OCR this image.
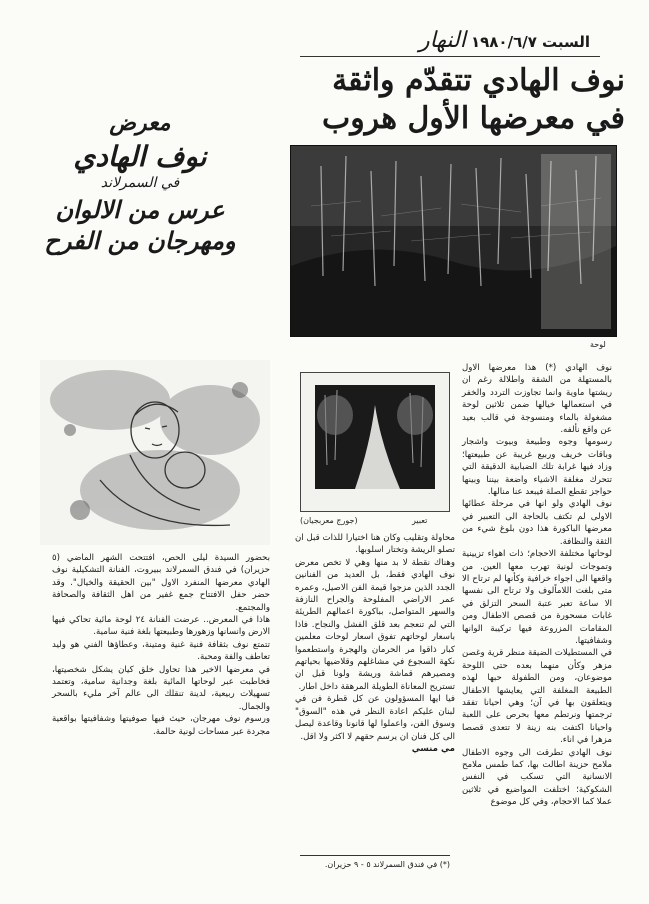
السبت ١٩٨٠/٦/٧ النهار
نوف الهادي تتقدّم واثقة
في معرضها الأول هروب
معرض
نوف الهادي
في السمرلاند
عرس من الالوان
ومهرجان من الفرح
لوحة
تعبير
(جورج معربجيان)

نوف الهادي (*) هذا معرضها الاول بالمستهلة من الشقة واطلالة رغم ان ريشتها ماوية وانما تجاوزت التردد والخفر في استعمالها خيالها ضمن ثلاثين لوحة مشغولة بالماء ومنسوجة في قالب بعيد عن واقع نألفه.

رسومها وجوه وطبيعة وبيوت واشجار وباقات خريف وربيع غريبة عن طبيعتها؛ وزاد فيها غرابة تلك الضبابية الدقيقة التي تتحرك مغلفة الاشياء واضعة بيننا وبينها حواجز تقطع الصلة فيبعد عنا منالها.

نوف الهادي ولو انها في مرحلة عطائها الاولى لم تكتف بالحاجة الى التعبير في معرضها الباكورة هذا دون بلوغ شيء من الثقة والنظافة.

لوحاتها مختلفة الاحجام؛ ذات اهواء تزيينية وتموجات لونية تهرب معها العين. من واقعها الى اجواء خرافية وكأنها لم ترتاح الا متى بلغت اللاماًلوف ولا ترتاح الى نفسها الا ساعة تعبر عتبة السحر التزلق في غابات مسحورة من قصص الاطفال ومن المقامات المزروعة فيها تركيبة الوانها وشفافيتها.

في المستطيلات الضيقة منظر قرية وغصن مزهر وكأن منهما بعده حتى اللوحة موضوعان، ومن الطفولة حبها لهذه الطبيعة المغلفة التي يعايشها الاطفال ويتعلقون بها في آن؛ وهي احيانا تفقد ترجمتها ونرتطم معها بحرص على اللعبة واحيانا اكتفت بنه زينة لا تتعدى قصصا مزهرا في اناء.

نوف الهادي تطرقت الى وجوه الاطفال ملامح حزينة اطالت بها، كما طمس ملامح الانسانية التي تسكب في النفس الشكوكية؛ اختلفت المواضيع في ثلاثين عملا كما الاحجام، وفي كل موضوع

محاولة وتقليب وكان هنا اختيارا للذات قبل ان تصلو الريشة وتختار اسلوبها.

وهناك نقطة لا بد منها وهي لا تخص معرض نوف الهادي فقط، بل العديد من الفنانين الجدد الذين مزجوا قيمة الفن الاصيل، وعمره عمر الاراضي المفلوحة والجراح النازفة والسهر المتواصل، بباكورة اعمالهم الطريئة التي لم تنعجم بعد قلق الفشل والنجاح. فاذا باسعار لوحاتهم تفوق اسعار لوحات معلمين كبار ذاقوا مر الحرمان والهجرة واستطعموا نكهة السجوع في مشاغلهم وقلاضيها بحياتهم ومصيرهم قماشة وريشة ولونا قبل ان تستريح المعاناة الطويلة المرهقة داخل اطار.

فيا ايها المسؤولون عن كل قطرة فن في لبنان عليكم اعادة النظر في هذه "السوق" وسوق الفن، واعملوا لها قانونا وقاعدة ليصل الى كل فنان ان يرسم حقهم لا اكثر ولا اقل.

مي منسي

بحضور السيدة ليلى الحص، افتتحت الشهر الماضي (٥ حزيران) في فندق السمرلاند ببيروت، الفنانة التشكيلية نوف الهادي معرضها المنفرد الاول "بين الحقيقة والخيال". وقد حضر حفل الافتتاح جمع غفير من اهل الثقافة والصحافة والمجتمع.

هاذا في المعرض.. عرضت الفنانة ٢٤ لوحة مائية تحاكي فيها الارض وانسانها وزهورها وطبيعتها بلغة فنية سامية.

تتمتع نوف بثقافة فنية غنية ومتينة، وعطاؤها الفني هو وليد تعاطف والفة ومحبة.

في معرضها الاخير هذا تحاول خلق كيان يشكل شخصيتها، فخاطبت عبر لوحاتها المائية بلغة وجدانية سامية، وتعتمد تسهيلات ربيعية، لدينة تنقلك الى عالم آخر مليء بالسحر والجمال.

ورسوم نوف مهرجان، حيث فيها صوفيتها وشفافيتها بواقعية مجردة عبر مساحات لونية حالمة.

(*) في فندق السمرلاند ٥ - ٩ حزيران.
